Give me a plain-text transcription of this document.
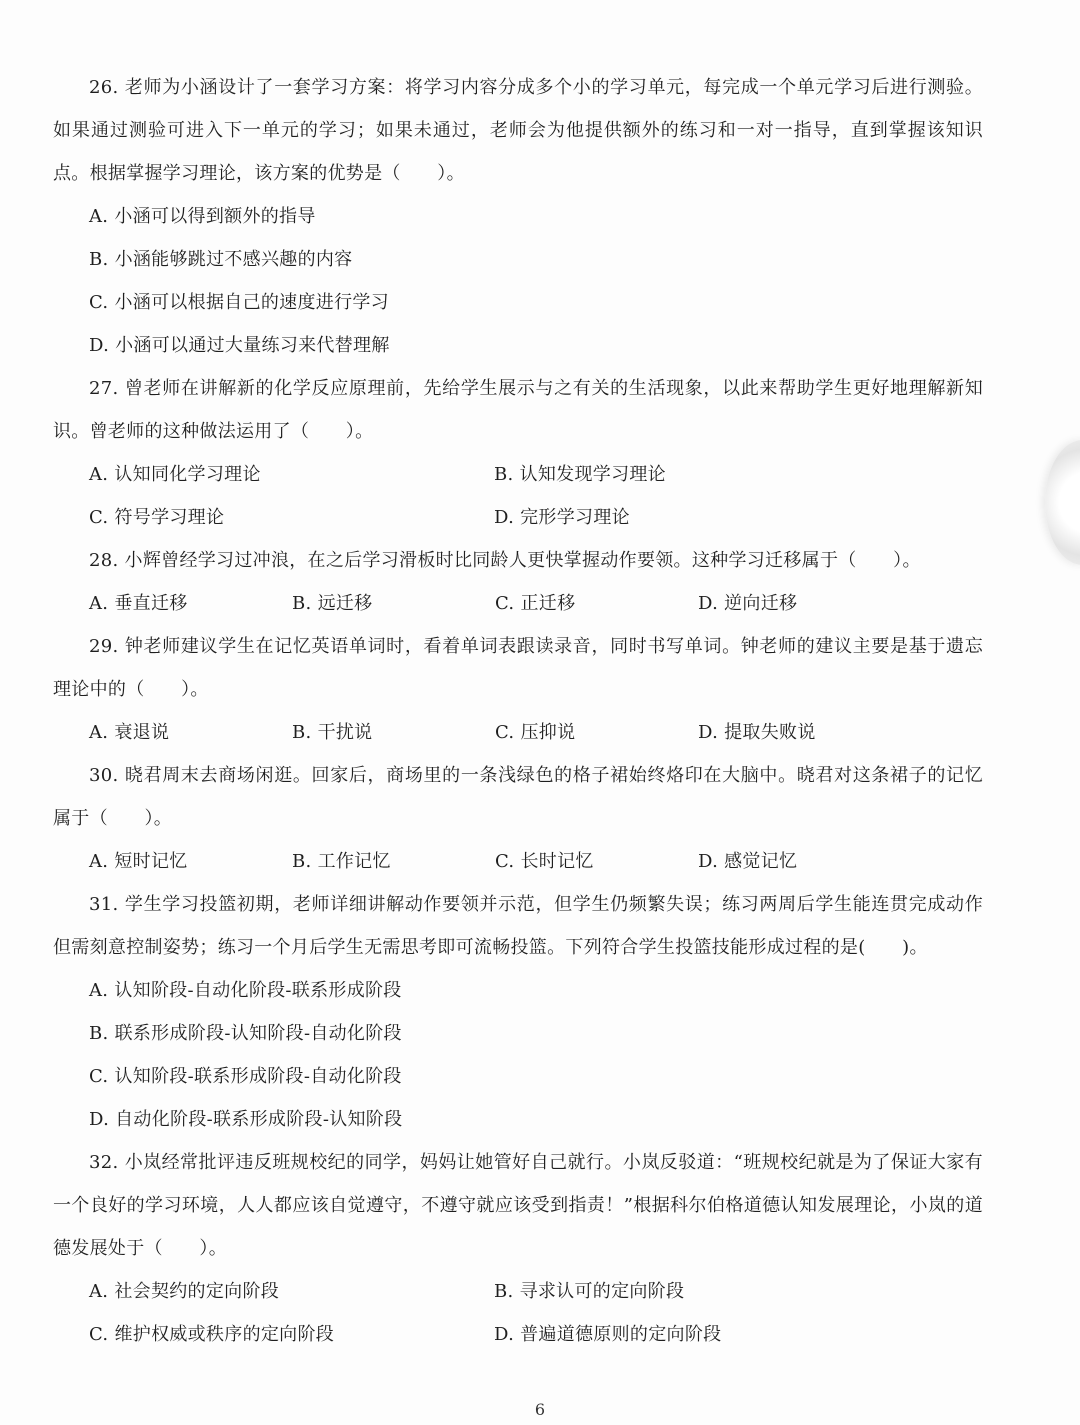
26. 老师为小涵设计了一套学习方案：将学习内容分成多个小的学习单元，每完成一个单元学习后进行测验。如果通过测验可进入下一单元的学习；如果未通过，老师会为他提供额外的练习和一对一指导，直到掌握该知识点。根据掌握学习理论，该方案的优势是（　　）。

A. 小涵可以得到额外的指导
B. 小涵能够跳过不感兴趣的内容
C. 小涵可以根据自己的速度进行学习
D. 小涵可以通过大量练习来代替理解

27. 曾老师在讲解新的化学反应原理前，先给学生展示与之有关的生活现象，以此来帮助学生更好地理解新知识。曾老师的这种做法运用了（　　）。

A. 认知同化学习理论	B. 认知发现学习理论
C. 符号学习理论	D. 完形学习理论

28. 小辉曾经学习过冲浪，在之后学习滑板时比同龄人更快掌握动作要领。这种学习迁移属于（　　）。

A. 垂直迁移	B. 远迁移	C. 正迁移	D. 逆向迁移

29. 钟老师建议学生在记忆英语单词时，看着单词表跟读录音，同时书写单词。钟老师的建议主要是基于遗忘理论中的（　　）。

A. 衰退说	B. 干扰说	C. 压抑说	D. 提取失败说

30. 晓君周末去商场闲逛。回家后，商场里的一条浅绿色的格子裙始终烙印在大脑中。晓君对这条裙子的记忆属于（　　）。

A. 短时记忆	B. 工作记忆	C. 长时记忆	D. 感觉记忆

31. 学生学习投篮初期，老师详细讲解动作要领并示范，但学生仍频繁失误；练习两周后学生能连贯完成动作但需刻意控制姿势；练习一个月后学生无需思考即可流畅投篮。下列符合学生投篮技能形成过程的是(　　)。

A. 认知阶段-自动化阶段-联系形成阶段
B. 联系形成阶段-认知阶段-自动化阶段
C. 认知阶段-联系形成阶段-自动化阶段
D. 自动化阶段-联系形成阶段-认知阶段

32. 小岚经常批评违反班规校纪的同学，妈妈让她管好自己就行。小岚反驳道：“班规校纪就是为了保证大家有一个良好的学习环境，人人都应该自觉遵守，不遵守就应该受到指责！”根据科尔伯格道德认知发展理论，小岚的道德发展处于（　　）。

A. 社会契约的定向阶段	B. 寻求认可的定向阶段
C. 维护权威或秩序的定向阶段	D. 普遍道德原则的定向阶段
6
